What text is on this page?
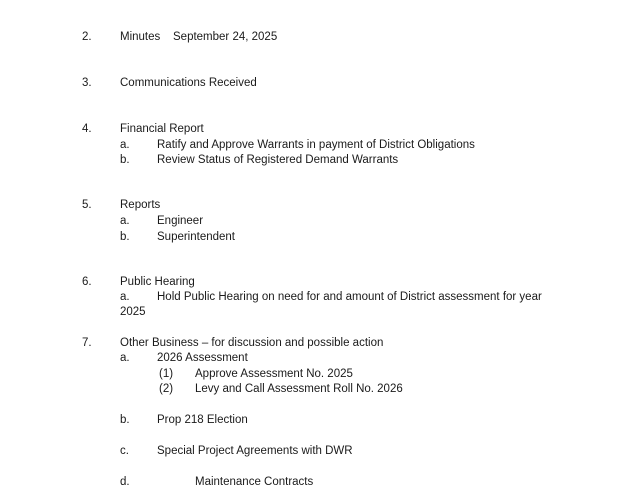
2. Minutes September 24, 2025
3. Communications Received
4. Financial Report
a. Ratify and Approve Warrants in payment of District Obligations
b. Review Status of Registered Demand Warrants
5. Reports
a. Engineer
b. Superintendent
6. Public Hearing
a. Hold Public Hearing on need for and amount of District assessment for year
2025
7. Other Business – for discussion and possible action
a. 2026 Assessment
(1) Approve Assessment No. 2025
(2) Levy and Call Assessment Roll No. 2026
b. Prop 218 Election
c. Special Project Agreements with DWR
d.	Maintenance Contracts
